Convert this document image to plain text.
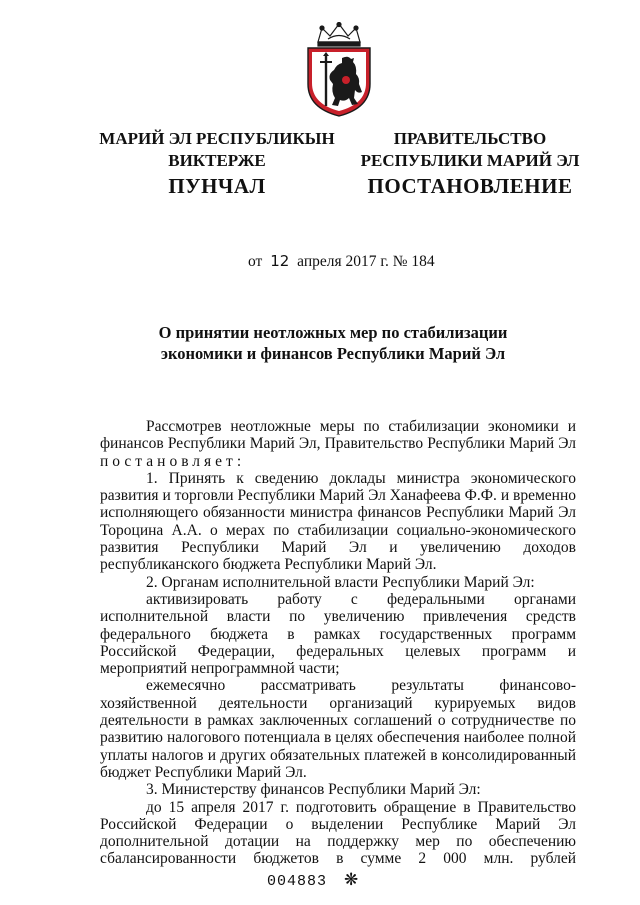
МАРИЙ ЭЛ РЕСПУБЛИКЫН
ВИКТЕРЖЕ
ПРАВИТЕЛЬСТВО
РЕСПУБЛИКИ МАРИЙ ЭЛ
ПУНЧАЛ	ПОСТАНОВЛЕНИЕ
от 12 апреля 2017 г. № 184
О принятии неотложных мер по стабилизации
экономики и финансов Республики Марий Эл

Рассмотрев неотложные меры по стабилизации экономики и финансов Республики Марий Эл, Правительство Республики Марий Эл

постановляет:

1. Принять к сведению доклады министра экономического развития и торговли Республики Марий Эл Ханафеева Ф.Ф. и временно исполняющего обязанности министра финансов Республики Марий Эл Тороцина А.А. о мерах по стабилизации социально-экономического развития Республики Марий Эл и увеличению доходов республиканского бюджета Республики Марий Эл.

2. Органам исполнительной власти Республики Марий Эл:

активизировать работу с федеральными органами исполнительной власти по увеличению привлечения средств федерального бюджета в рамках государственных программ Российской Федерации, федеральных целевых программ и мероприятий непрограммной части;

ежемесячно рассматривать результаты финансово-хозяйственной деятельности организаций курируемых видов деятельности в рамках заключенных соглашений о сотрудничестве по развитию налогового потенциала в целях обеспечения наиболее полной уплаты налогов и других обязательных платежей в консолидированный бюджет Республики Марий Эл.

3. Министерству финансов Республики Марий Эл:

до 15 апреля 2017 г. подготовить обращение в Правительство Российской Федерации о выделении Республике Марий Эл дополнительной дотации на поддержку мер по обеспечению сбалансированности бюджетов в сумме 2 000 млн. рублей

004883 ❋
